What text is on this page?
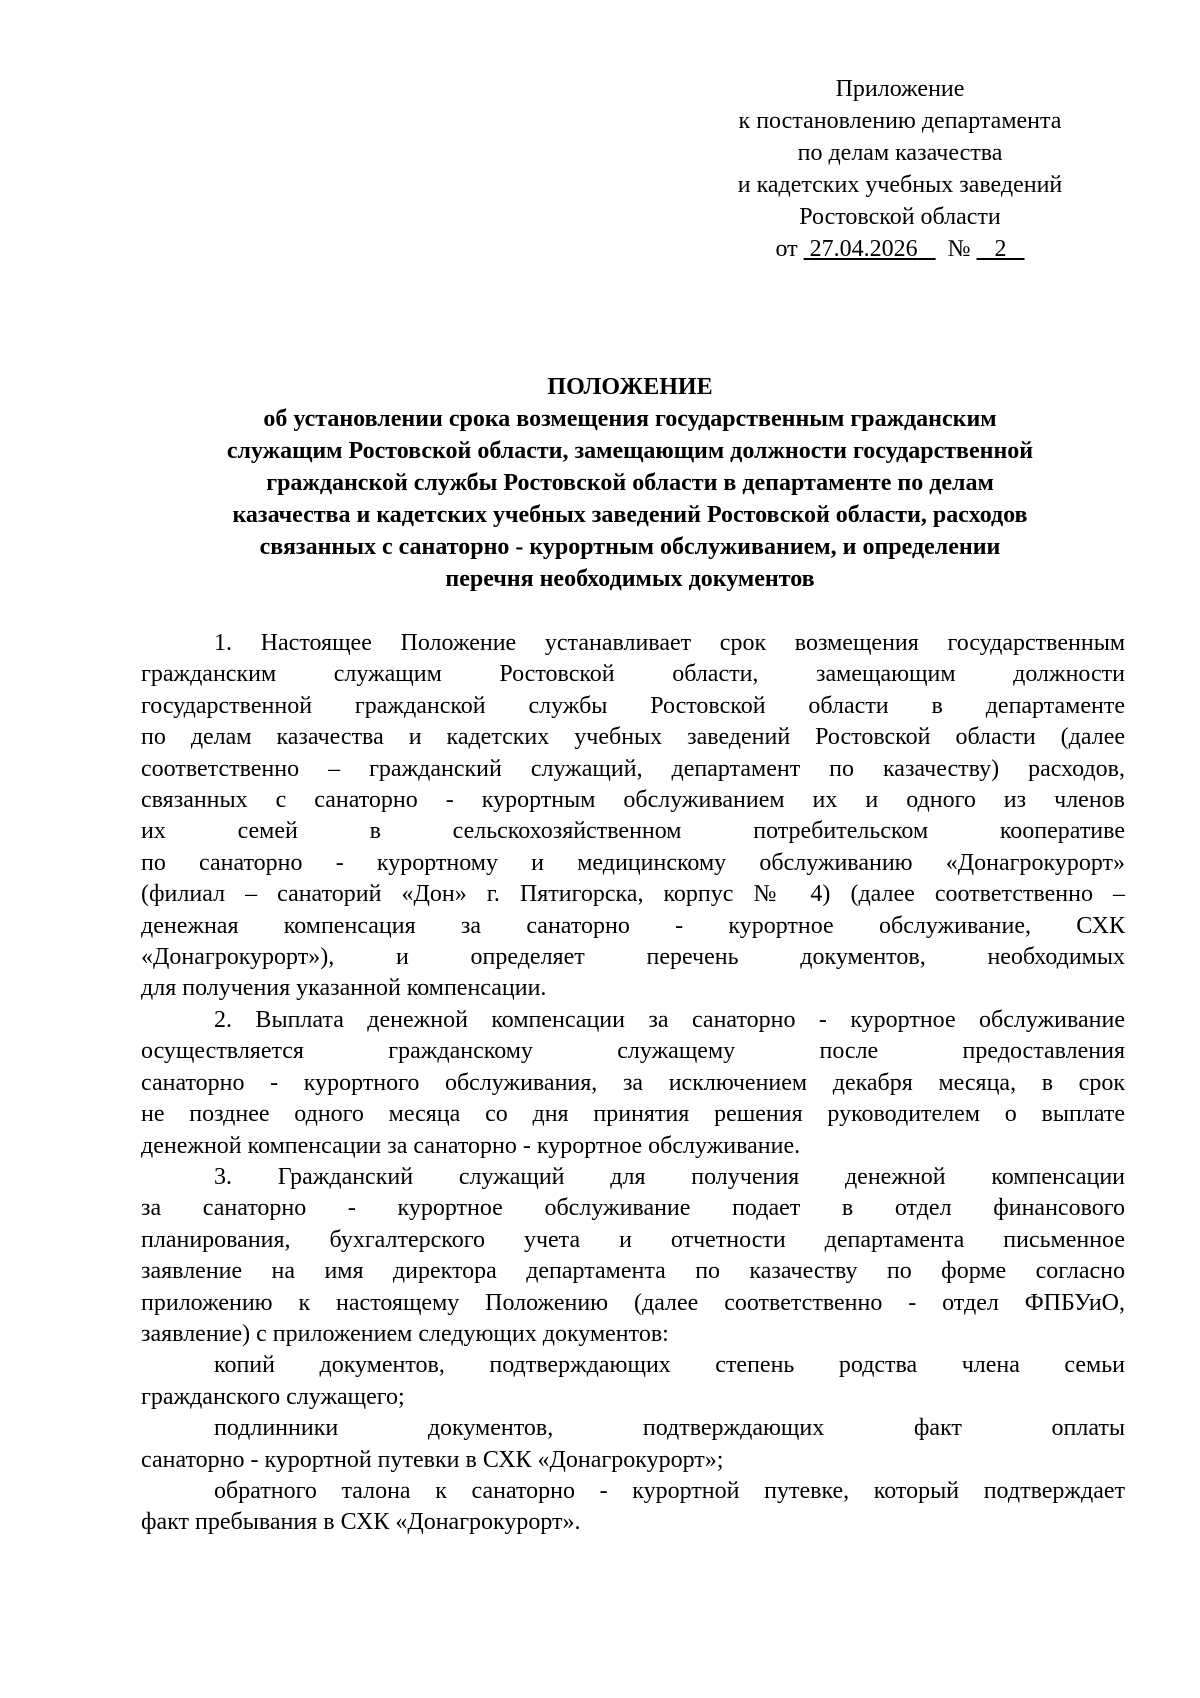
Приложение
к постановлению департамента
по делам казачества
и кадетских учебных заведений
Ростовской области
от 27.04.2026 № 2
ПОЛОЖЕНИЕ
об установлении срока возмещения государственным гражданским
служащим Ростовской области, замещающим должности государственной
гражданской службы Ростовской области в департаменте по делам
казачества и кадетских учебных заведений Ростовской области, расходов
связанных с санаторно - курортным обслуживанием, и определении
перечня необходимых документов
1. Настоящее Положение устанавливает срок возмещения государственным
гражданским служащим Ростовской области, замещающим должности
государственной гражданской службы Ростовской области в департаменте
по делам казачества и кадетских учебных заведений Ростовской области (далее
соответственно – гражданский служащий, департамент по казачеству) расходов,
связанных с санаторно - курортным обслуживанием их и одного из членов
их семей в сельскохозяйственном потребительском кооперативе
по санаторно - курортному и медицинскому обслуживанию «Донагрокурорт»
(филиал – санаторий «Дон» г. Пятигорска, корпус № 4) (далее соответственно –
денежная компенсация за санаторно - курортное обслуживание, СХК
«Донагрокурорт»), и определяет перечень документов, необходимых
для получения указанной компенсации.
2. Выплата денежной компенсации за санаторно - курортное обслуживание
осуществляется гражданскому служащему после предоставления
санаторно - курортного обслуживания, за исключением декабря месяца, в срок
не позднее одного месяца со дня принятия решения руководителем о выплате
денежной компенсации за санаторно - курортное обслуживание.
3. Гражданский служащий для получения денежной компенсации
за санаторно - курортное обслуживание подает в отдел финансового
планирования, бухгалтерского учета и отчетности департамента письменное
заявление на имя директора департамента по казачеству по форме согласно
приложению к настоящему Положению (далее соответственно - отдел ФПБУиО,
заявление) с приложением следующих документов:
копий документов, подтверждающих степень родства члена семьи
гражданского служащего;
подлинники документов, подтверждающих факт оплаты
санаторно - курортной путевки в СХК «Донагрокурорт»;
обратного талона к санаторно - курортной путевке, который подтверждает
факт пребывания в СХК «Донагрокурорт».
